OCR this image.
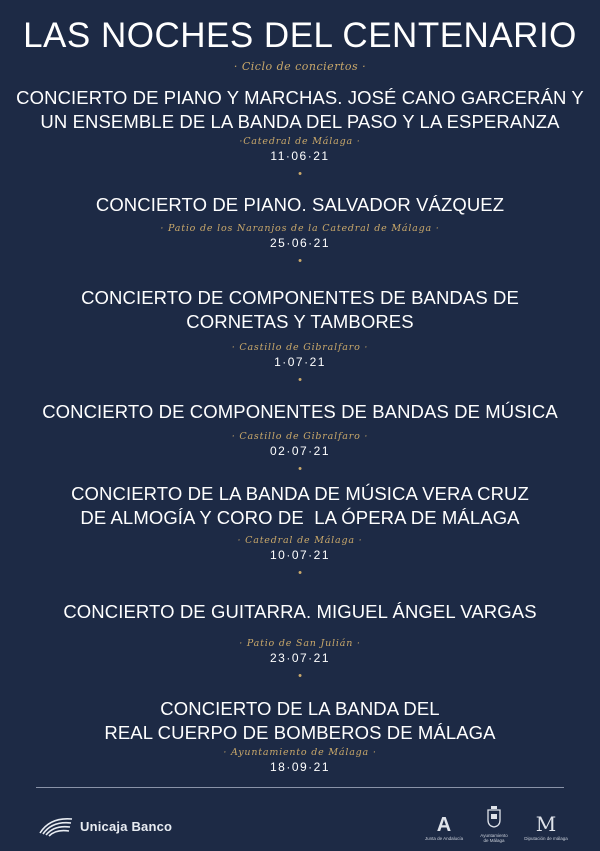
LAS NOCHES DEL CENTENARIO
· Ciclo de conciertos ·
CONCIERTO DE PIANO Y MARCHAS. JOSÉ CANO GARCERÁN Y
UN ENSEMBLE DE LA BANDA DEL PASO Y LA ESPERANZA
·Catedral de Málaga ·
11·06·21
•
CONCIERTO DE PIANO. SALVADOR VÁZQUEZ
· Patio de los Naranjos de la Catedral de Málaga ·
25·06·21
•
CONCIERTO DE COMPONENTES DE BANDAS DE
CORNETAS Y TAMBORES
· Castillo de Gibralfaro ·
1·07·21
•
CONCIERTO DE COMPONENTES DE BANDAS DE MÚSICA
· Castillo de Gibralfaro ·
02·07·21
•
CONCIERTO DE LA BANDA DE MÚSICA VERA CRUZ
DE ALMOGÍA Y CORO DE  LA ÓPERA DE MÁLAGA
· Catedral de Málaga ·
10·07·21
•
CONCIERTO DE GUITARRA. MIGUEL ÁNGEL VARGAS
· Patio de San Julián ·
23·07·21
•
CONCIERTO DE LA BANDA DEL
REAL CUERPO DE BOMBEROS DE MÁLAGA
· Ayuntamiento de Málaga ·
18·09·21
Unicaja Banco	A
Junta de Andalucía
Ayuntamiento
de Málaga
M
Diputación de málaga
